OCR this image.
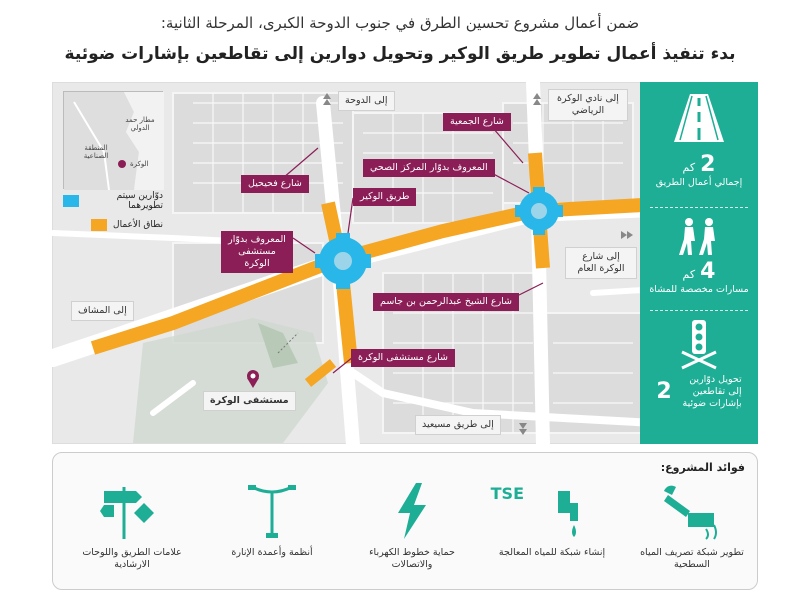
ضمن أعمال مشروع تحسين الطرق في جنوب الدوحة الكبرى، المرحلة الثانية:
بدء تنفيذ أعمال تطوير طريق الوكير وتحويل دوارين إلى تقاطعين بإشارات ضوئية
مطار حمد الدولي
المنطقة الصناعية
الوكرة
دوّارين سيتم تطويرهما
نطاق الأعمال
شارع الجمعية
المعروف بدوّار المركز الصحي
شارع فحيحيل
طريق الوكير
المعروف بدوّار مستشفى الوكرة
شارع الشيخ عبدالرحمن بن جاسم
شارع مستشفى الوكرة
مستشفى الوكرة
إلى الدوحة	إلى نادي الوكرة الرياضي
إلى شارع الوكرة العام
إلى المشاف
إلى طريق مسيعيد
2 كم
إجمالي أعمال الطريق
4 كم
مسارات مخصصة للمشاة
تحويل دوّارين إلى تقاطعين بإشارات ضوئية
2
فوائد المشروع:
تطوير شبكة تصريف المياه السطحية
TSE
إنشاء شبكة للمياه المعالجة
حماية خطوط الكهرباء والاتصالات
أنظمة وأعمدة الإنارة
علامات الطريق واللوحات الارشادية
